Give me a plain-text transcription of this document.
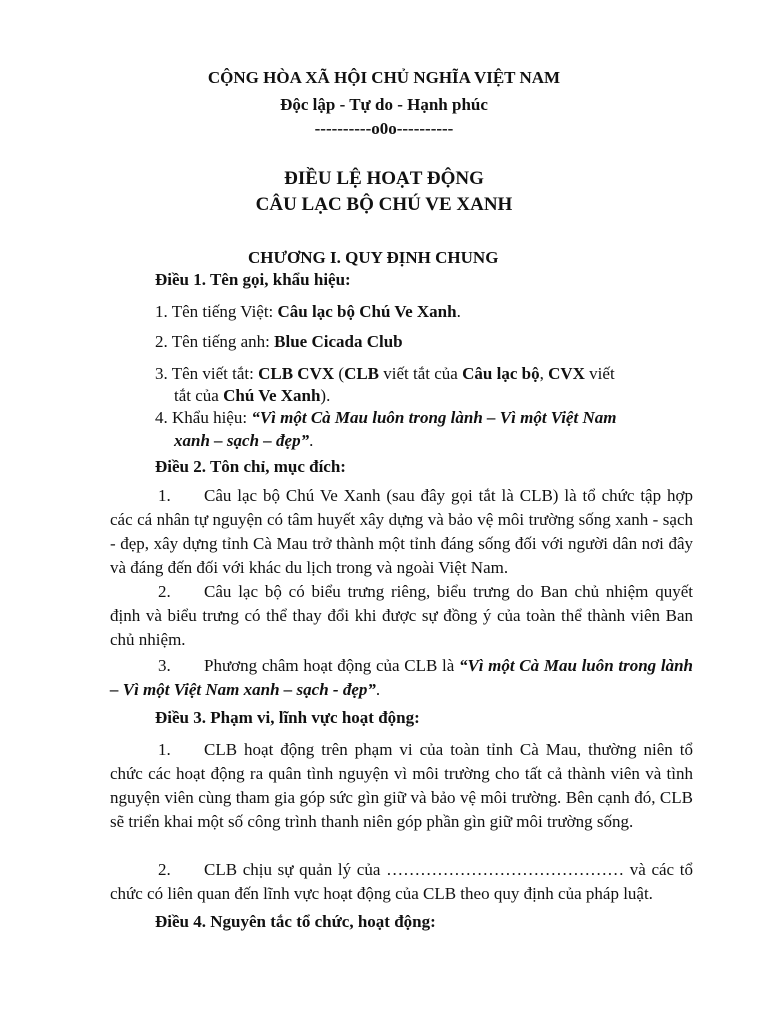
CỘNG HÒA XÃ HỘI CHỦ NGHĨA VIỆT NAM
Độc lập - Tự do - Hạnh phúc
----------o0o----------
ĐIỀU LỆ HOẠT ĐỘNG
CÂU LẠC BỘ CHÚ VE XANH
CHƯƠNG I. QUY ĐỊNH CHUNG
Điều 1. Tên gọi, khẩu hiệu:
1. Tên tiếng Việt: Câu lạc bộ Chú Ve Xanh.
2. Tên tiếng anh: Blue Cicada Club
3. Tên viết tắt: CLB CVX (CLB viết tắt của Câu lạc bộ, CVX viết
tắt của Chú Ve Xanh).
4. Khẩu hiệu: “Vì một Cà Mau luôn trong lành – Vì một Việt Nam
xanh – sạch – đẹp”.
Điều 2. Tôn chỉ, mục đích:
1. Câu lạc bộ Chú Ve Xanh (sau đây gọi tắt là CLB) là tổ chức tập hợp các cá nhân tự nguyện có tâm huyết xây dựng và bảo vệ môi trường sống xanh - sạch - đẹp, xây dựng tỉnh Cà Mau trở thành một tỉnh đáng sống đối với người dân nơi đây và đáng đến đối với khác du lịch trong và ngoài Việt Nam.
2. Câu lạc bộ có biểu trưng riêng, biểu trưng do Ban chủ nhiệm quyết định và biểu trưng có thể thay đổi khi được sự đồng ý của toàn thể thành viên Ban chủ nhiệm.
3. Phương châm hoạt động của CLB là “Vì một Cà Mau luôn trong lành – Vì một Việt Nam xanh – sạch - đẹp”.
Điều 3. Phạm vi, lĩnh vực hoạt động:
1. CLB hoạt động trên phạm vi của toàn tỉnh Cà Mau, thường niên tổ chức các hoạt động ra quân tình nguyện vì môi trường cho tất cả thành viên và tình nguyện viên cùng tham gia góp sức gìn giữ và bảo vệ môi trường. Bên cạnh đó, CLB sẽ triển khai một số công trình thanh niên góp phần gìn giữ môi trường sống.
2. CLB chịu sự quản lý của …………………………………… và các tổ chức có liên quan đến lĩnh vực hoạt động của CLB theo quy định của pháp luật.
Điều 4. Nguyên tắc tổ chức, hoạt động:
